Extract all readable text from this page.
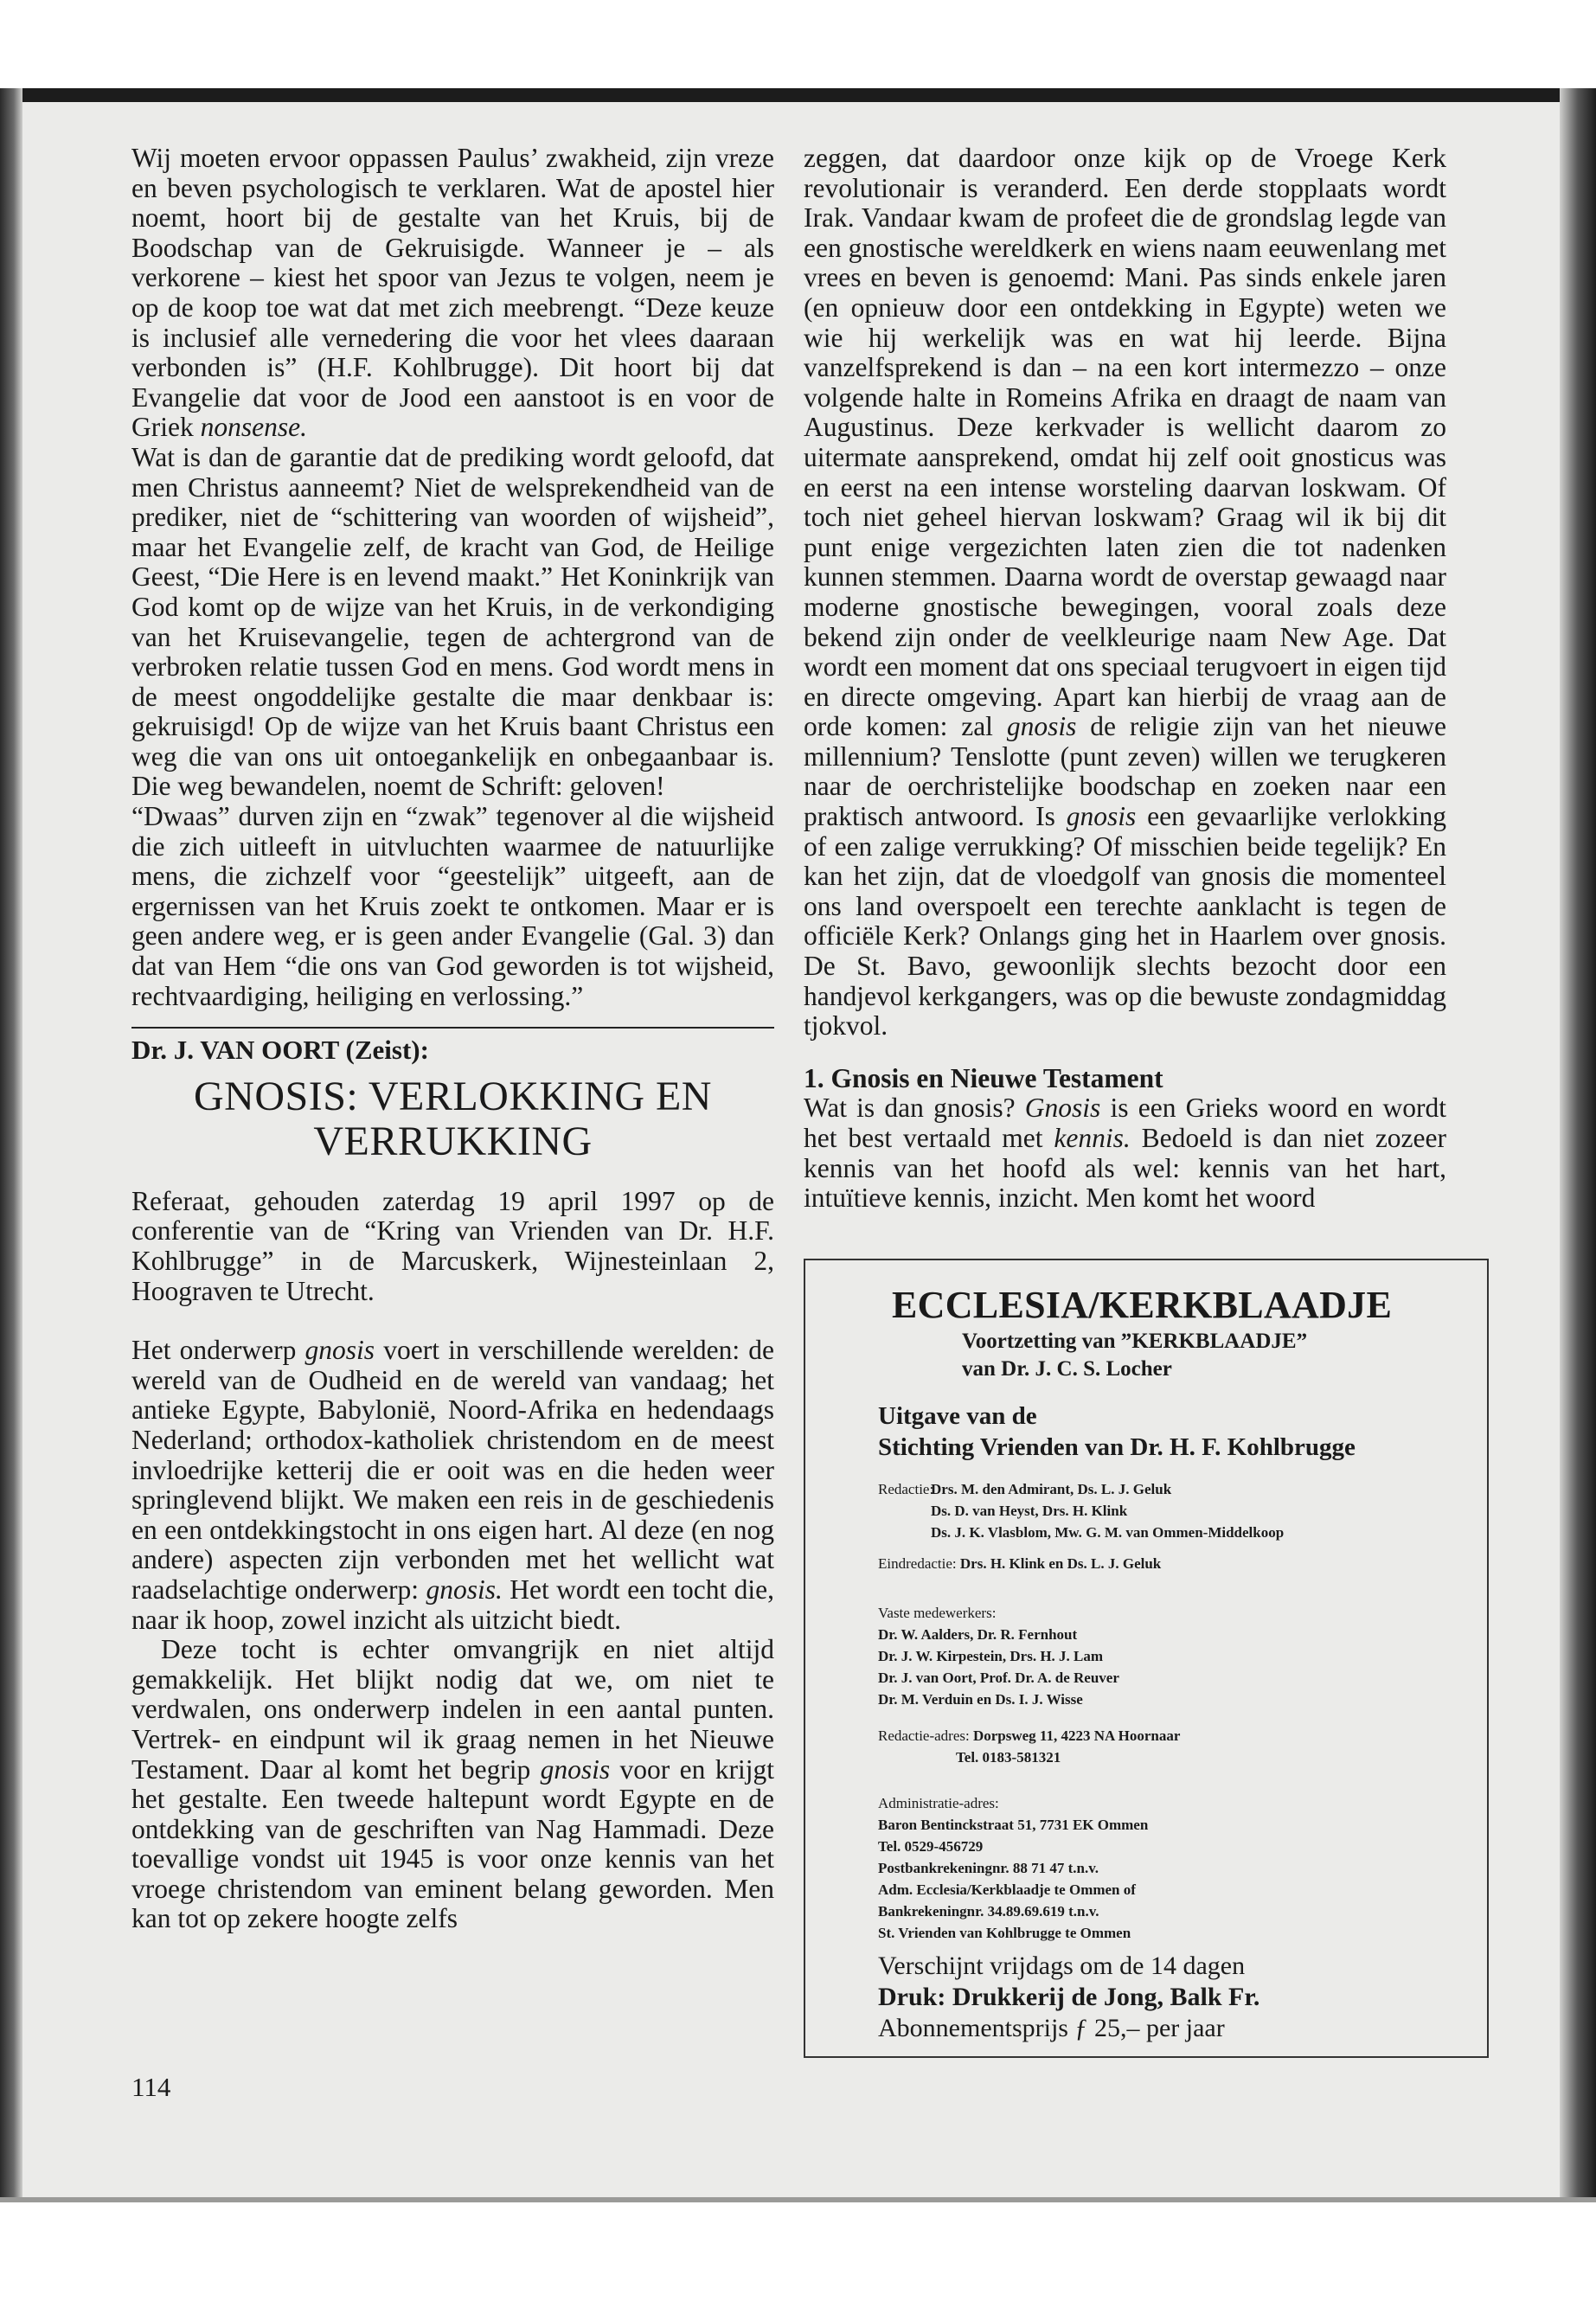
Wij moeten ervoor oppassen Paulus’ zwakheid, zijn vreze en beven psychologisch te verklaren. Wat de apostel hier noemt, hoort bij de gestalte van het Kruis, bij de Boodschap van de Gekruisigde. Wanneer je – als verkorene – kiest het spoor van Jezus te volgen, neem je op de koop toe wat dat met zich meebrengt. “Deze keuze is inclusief alle vernedering die voor het vlees daaraan verbonden is” (H.F. Kohlbrugge). Dit hoort bij dat Evangelie dat voor de Jood een aanstoot is en voor de Griek nonsense.

Wat is dan de garantie dat de prediking wordt geloofd, dat men Christus aanneemt? Niet de welsprekendheid van de prediker, niet de “schittering van woorden of wijsheid”, maar het Evangelie zelf, de kracht van God, de Heilige Geest, “Die Here is en levend maakt.” Het Koninkrijk van God komt op de wijze van het Kruis, in de verkondiging van het Kruisevangelie, tegen de achtergrond van de verbroken relatie tussen God en mens. God wordt mens in de meest ongoddelijke gestalte die maar denkbaar is: gekruisigd! Op de wijze van het Kruis baant Christus een weg die van ons uit ontoegankelijk en onbegaanbaar is. Die weg bewandelen, noemt de Schrift: geloven!

“Dwaas” durven zijn en “zwak” tegenover al die wijsheid die zich uitleeft in uitvluchten waarmee de natuurlijke mens, die zichzelf voor “geestelijk” uitgeeft, aan de ergernissen van het Kruis zoekt te ontkomen. Maar er is geen andere weg, er is geen ander Evangelie (Gal. 3) dan dat van Hem “die ons van God geworden is tot wijsheid, rechtvaardiging, heiliging en verlossing.”

Dr. J. VAN OORT (Zeist):
GNOSIS: VERLOKKING EN VERRUKKING

Referaat, gehouden zaterdag 19 april 1997 op de conferentie van de “Kring van Vrienden van Dr. H.F. Kohlbrugge” in de Marcuskerk, Wijnesteinlaan 2, Hoograven te Utrecht.

Het onderwerp gnosis voert in verschillende werelden: de wereld van de Oudheid en de wereld van vandaag; het antieke Egypte, Babylonië, Noord-Afrika en hedendaags Nederland; orthodox-katholiek christendom en de meest invloedrijke ketterij die er ooit was en die heden weer springlevend blijkt. We maken een reis in de geschiedenis en een ontdekkingstocht in ons eigen hart. Al deze (en nog andere) aspecten zijn verbonden met het wellicht wat raadselachtige onderwerp: gnosis. Het wordt een tocht die, naar ik hoop, zowel inzicht als uitzicht biedt.

Deze tocht is echter omvangrijk en niet altijd gemakkelijk. Het blijkt nodig dat we, om niet te verdwalen, ons onderwerp indelen in een aantal punten. Vertrek- en eindpunt wil ik graag nemen in het Nieuwe Testament. Daar al komt het begrip gnosis voor en krijgt het gestalte. Een tweede haltepunt wordt Egypte en de ontdekking van de geschriften van Nag Hammadi. Deze toevallige vondst uit 1945 is voor onze kennis van het vroege christendom van eminent belang geworden. Men kan tot op zekere hoogte zelfs

zeggen, dat daardoor onze kijk op de Vroege Kerk revolutionair is veranderd. Een derde stopplaats wordt Irak. Vandaar kwam de profeet die de grondslag legde van een gnostische wereldkerk en wiens naam eeuwenlang met vrees en beven is genoemd: Mani. Pas sinds enkele jaren (en opnieuw door een ontdekking in Egypte) weten we wie hij werkelijk was en wat hij leerde. Bijna vanzelfsprekend is dan – na een kort intermezzo – onze volgende halte in Romeins Afrika en draagt de naam van Augustinus. Deze kerkvader is wellicht daarom zo uitermate aansprekend, omdat hij zelf ooit gnosticus was en eerst na een intense worsteling daarvan loskwam. Of toch niet geheel hiervan loskwam? Graag wil ik bij dit punt enige vergezichten laten zien die tot nadenken kunnen stemmen. Daarna wordt de overstap gewaagd naar moderne gnostische bewegingen, vooral zoals deze bekend zijn onder de veelkleurige naam New Age. Dat wordt een moment dat ons speciaal terugvoert in eigen tijd en directe omgeving. Apart kan hierbij de vraag aan de orde komen: zal gnosis de religie zijn van het nieuwe millennium? Tenslotte (punt zeven) willen we terugkeren naar de oerchristelijke boodschap en zoeken naar een praktisch antwoord. Is gnosis een gevaarlijke verlokking of een zalige verrukking? Of misschien beide tegelijk? En kan het zijn, dat de vloedgolf van gnosis die momenteel ons land overspoelt een terechte aanklacht is tegen de officiële Kerk? Onlangs ging het in Haarlem over gnosis. De St. Bavo, gewoonlijk slechts bezocht door een handjevol kerkgangers, was op die bewuste zondagmiddag tjokvol.

1. Gnosis en Nieuwe Testament

Wat is dan gnosis? Gnosis is een Grieks woord en wordt het best vertaald met kennis. Bedoeld is dan niet zozeer kennis van het hoofd als wel: kennis van het hart, intuïtieve kennis, inzicht. Men komt het woord

ECCLESIA/KERKBLAADJE
Voortzetting van ”KERKBLAADJE”
van Dr. J. C. S. Locher
Uitgave van de
Stichting Vrienden van Dr. H. F. Kohlbrugge
Redactie:
Drs. M. den Admirant, Ds. L. J. Geluk
Ds. D. van Heyst, Drs. H. Klink
Ds. J. K. Vlasblom, Mw. G. M. van Ommen-Middelkoop
Eindredactie: Drs. H. Klink en Ds. L. J. Geluk
Vaste medewerkers:
Dr. W. Aalders, Dr. R. Fernhout
Dr. J. W. Kirpestein, Drs. H. J. Lam
Dr. J. van Oort, Prof. Dr. A. de Reuver
Dr. M. Verduin en Ds. I. J. Wisse
Redactie-adres: Dorpsweg 11, 4223 NA Hoornaar
Tel. 0183-581321
Administratie-adres:
Baron Bentinckstraat 51, 7731 EK Ommen
Tel. 0529-456729
Postbankrekeningnr. 88 71 47 t.n.v.
Adm. Ecclesia/Kerkblaadje te Ommen of
Bankrekeningnr. 34.89.69.619 t.n.v.
St. Vrienden van Kohlbrugge te Ommen
Verschijnt vrijdags om de 14 dagen
Druk: Drukkerij de Jong, Balk Fr.
Abonnementsprijs ƒ 25,– per jaar
114
